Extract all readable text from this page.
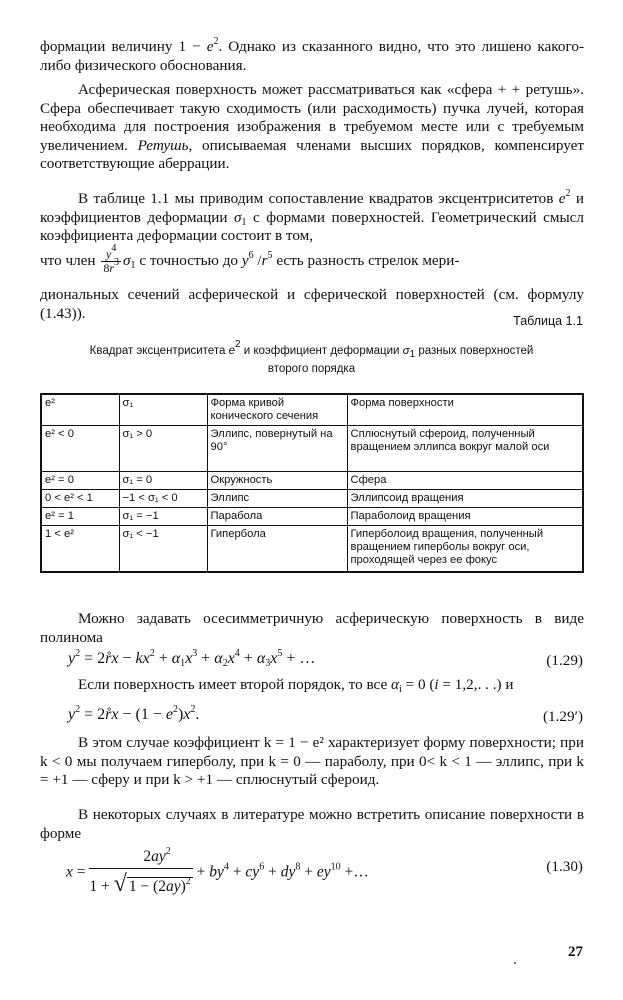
формации величину $1 - e^2$. Однако из сказанного видно, что это лишено какого-либо физического обоснования.
Асферическая поверхность может рассматриваться как «сфера + + ретушь». Сфера обеспечивает такую сходимость (или расходимость) пучка лучей, которая необходима для построения изображения в требуемом месте или с требуемым увеличением. Ретушь, описываемая членами высших порядков, компенсирует соответствующие аберрации.
В таблице 1.1 мы приводим сопоставление квадратов эксцентриситетов $e^2$ и коэффициентов деформации $\sigma_1$ с формами поверхностей. Геометрический смысл коэффициента деформации состоит в том,
что член $\frac{y^4}{8r^3} \sigma_1$ с точностью до $y^6$ $/r^5$ есть разность стрелок мери-
диональных сечений асферической и сферической поверхностей (см. формулу (1.43)).	Таблица 1.1
Квадрат эксцентриситета e2 и коэффициент деформации σ1 разных поверхностей
второго порядка
e²	σ₁	Форма кривой конического сечения	Форма поверхности
e² < 0	σ₁ > 0	Эллипс, повернутый на 90°	Сплюснутый сфероид, полученный вращением эллипса вокруг малой оси
e² = 0	σ₁ = 0	Окружность	Сфера
0 < e² < 1	−1 < σ₁ < 0	Эллипс	Эллипсоид вращения
e² = 1	σ₁ = −1	Парабола	Параболоид вращения
1 < e²	σ₁ < −1	Гипербола	Гиперболоид вращения, полученный вращением гиперболы вокруг оси, проходящей через ее фокус
Можно задавать осесимметричную асферическую поверхность в виде полинома
$y^2$ = 2r̊x − $kx^2 + \alpha_1x^3 + \alpha_2x^4 + \alpha_3x^5$ + …	(1.29)
Если поверхность имеет второй порядок, то все $\alpha_i = 0$ (i = 1,2,. . .) и
$y^2$ = 2r̊x − $(1 - e^2)x^2$.	(1.29′)
В этом случае коэффициент k = 1 − e² характеризует форму поверхности; при k < 0 мы получаем гиперболу, при k = 0 — параболу, при 0< k < 1 — эллипс, при k = +1 — сферу и при k > +1 — сплюснутый сфероид.
В некоторых случаях в литературе можно встретить описание поверхности в форме
$x = \frac{2ay^2}{1 + √ 1 - (2ay)^2} + by^4 + cy^6 + dy^8 + ey^{10}$ +…	(1.30)
27
